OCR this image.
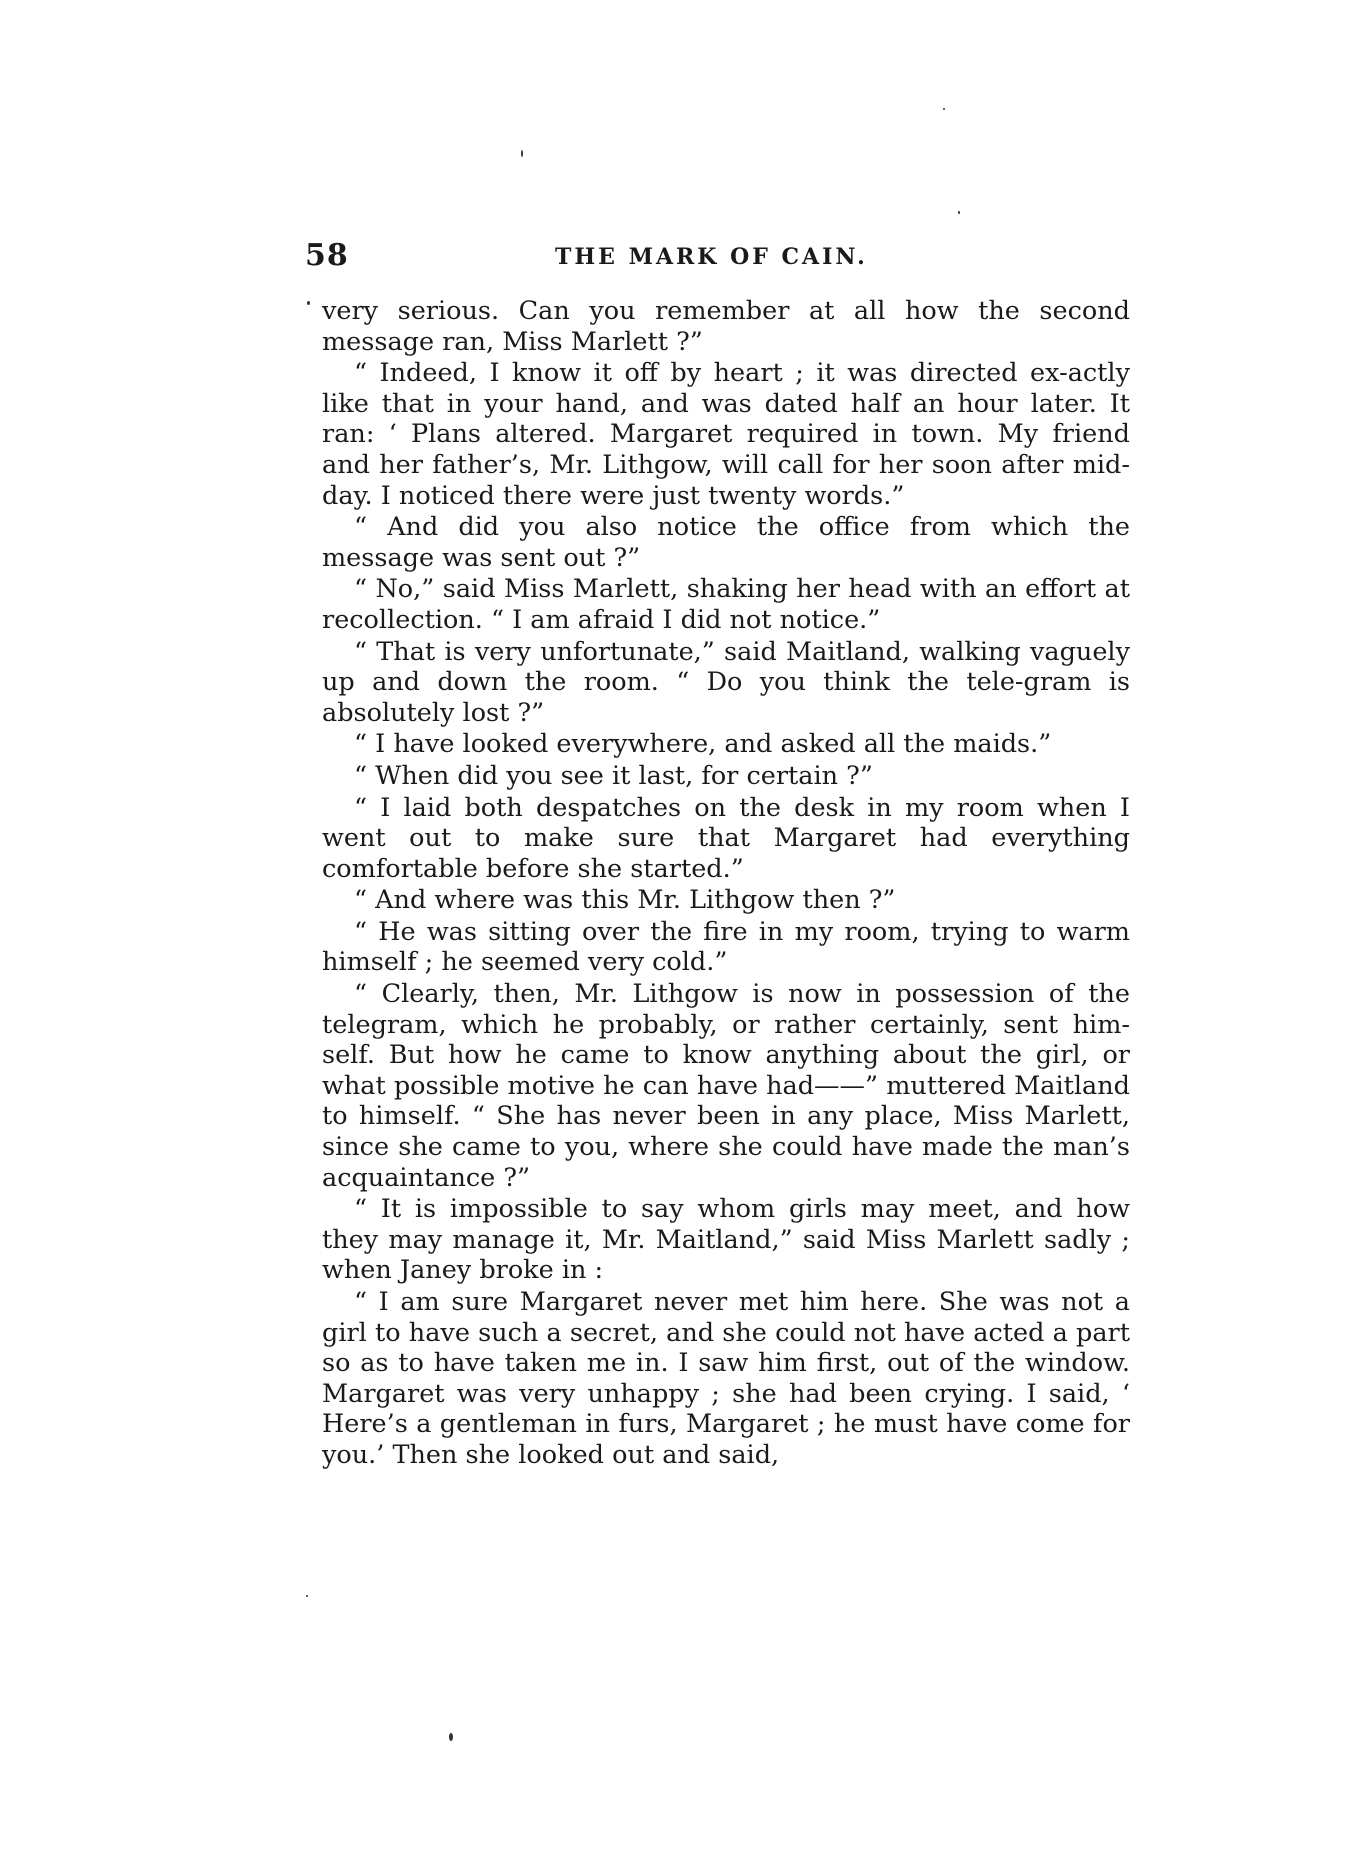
58	THE MARK OF CAIN.

very serious. Can you remember at all how the second message ran, Miss Marlett ?”

“ Indeed, I know it off by heart ; it was directed ex-actly like that in your hand, and was dated half an hour later. It ran: ‘ Plans altered. Margaret required in town. My friend and her father’s, Mr. Lithgow, will call for her soon after mid-day. I noticed there were just twenty words.”

“ And did you also notice the office from which the message was sent out ?”

“ No,” said Miss Marlett, shaking her head with an effort at recollection. “ I am afraid I did not notice.”

“ That is very unfortunate,” said Maitland, walking vaguely up and down the room. “ Do you think the tele-gram is absolutely lost ?”

“ I have looked everywhere, and asked all the maids.”

“ When did you see it last, for certain ?”

“ I laid both despatches on the desk in my room when I went out to make sure that Margaret had everything comfortable before she started.”

“ And where was this Mr. Lithgow then ?”

“ He was sitting over the fire in my room, trying to warm himself ; he seemed very cold.”

“ Clearly, then, Mr. Lithgow is now in possession of the telegram, which he probably, or rather certainly, sent him-self. But how he came to know anything about the girl, or what possible motive he can have had——” muttered Maitland to himself. “ She has never been in any place, Miss Marlett, since she came to you, where she could have made the man’s acquaintance ?”

“ It is impossible to say whom girls may meet, and how they may manage it, Mr. Maitland,” said Miss Marlett sadly ; when Janey broke in :

“ I am sure Margaret never met him here. She was not a girl to have such a secret, and she could not have acted a part so as to have taken me in. I saw him first, out of the window. Margaret was very unhappy ; she had been crying. I said, ‘ Here’s a gentleman in furs, Margaret ; he must have come for you.’ Then she looked out and said,
